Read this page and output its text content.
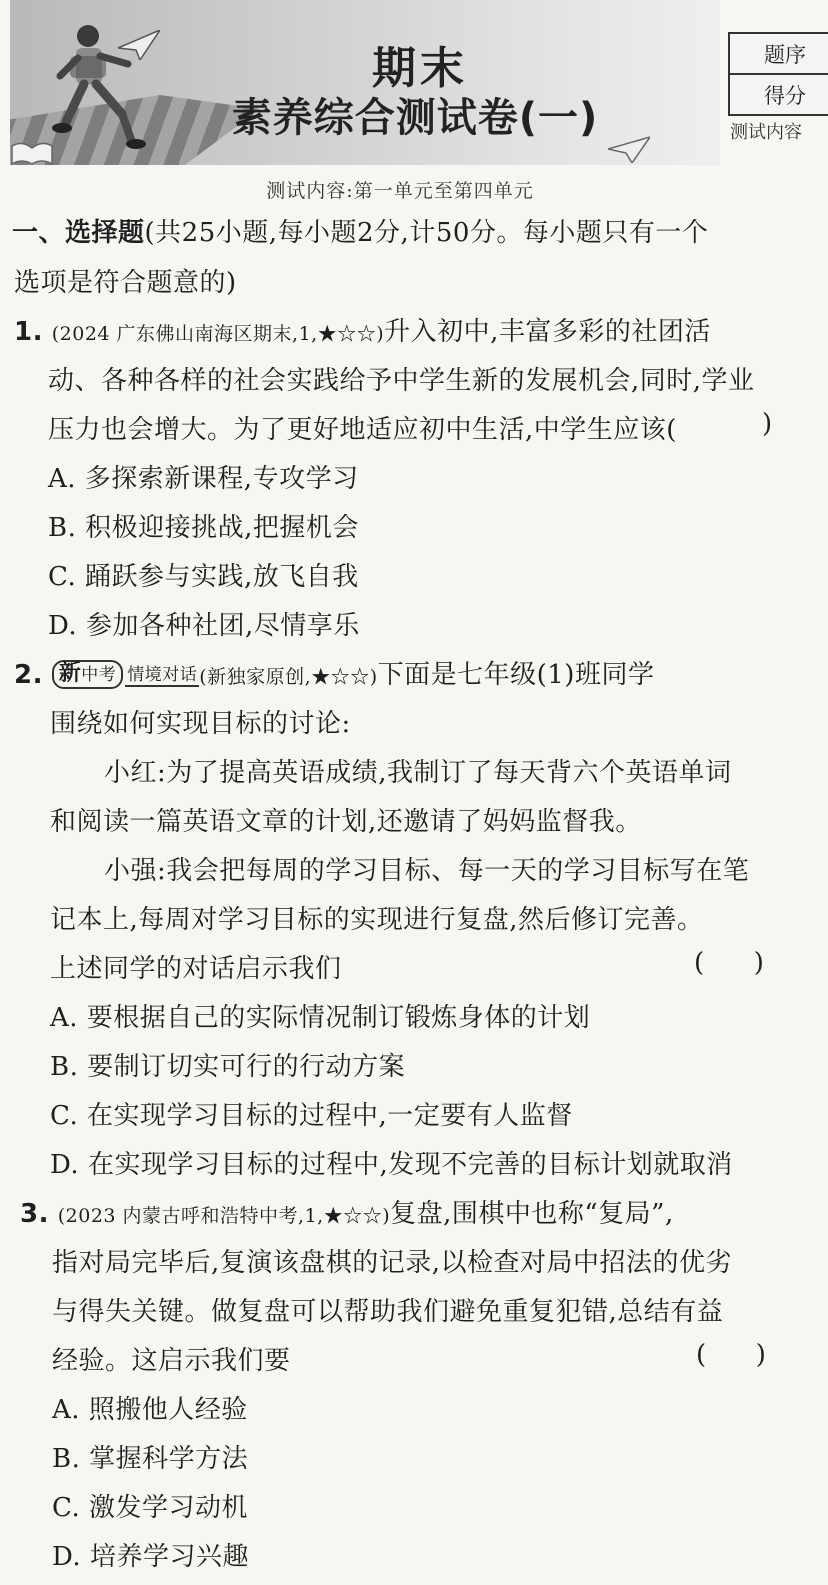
期末
素养综合测试卷(一)
题序
得分
测试内容
测试内容:第一单元至第四单元
一、选择题(共25小题,每小题2分,计50分。每小题只有一个
选项是符合题意的)
1. (2024 广东佛山南海区期末,1,★☆☆)升入初中,丰富多彩的社团活
动、各种各样的社会实践给予中学生新的发展机会,同时,学业
压力也会增大。为了更好地适应初中生活,中学生应该(	)
A. 多探索新课程,专攻学习
B. 积极迎接挑战,把握机会
C. 踊跃参与实践,放飞自我
D. 参加各种社团,尽情享乐
2. 新中考 情境对话 (新独家原创,★☆☆)下面是七年级(1)班同学
围绕如何实现目标的讨论:
小红:为了提高英语成绩,我制订了每天背六个英语单词
和阅读一篇英语文章的计划,还邀请了妈妈监督我。
小强:我会把每周的学习目标、每一天的学习目标写在笔
记本上,每周对学习目标的实现进行复盘,然后修订完善。
上述同学的对话启示我们	(      )
A. 要根据自己的实际情况制订锻炼身体的计划
B. 要制订切实可行的行动方案
C. 在实现学习目标的过程中,一定要有人监督
D. 在实现学习目标的过程中,发现不完善的目标计划就取消
3. (2023 内蒙古呼和浩特中考,1,★☆☆)复盘,围棋中也称“复局”,
指对局完毕后,复演该盘棋的记录,以检查对局中招法的优劣
与得失关键。做复盘可以帮助我们避免重复犯错,总结有益
经验。这启示我们要	(      )
A. 照搬他人经验
B. 掌握科学方法
C. 激发学习动机
D. 培养学习兴趣
